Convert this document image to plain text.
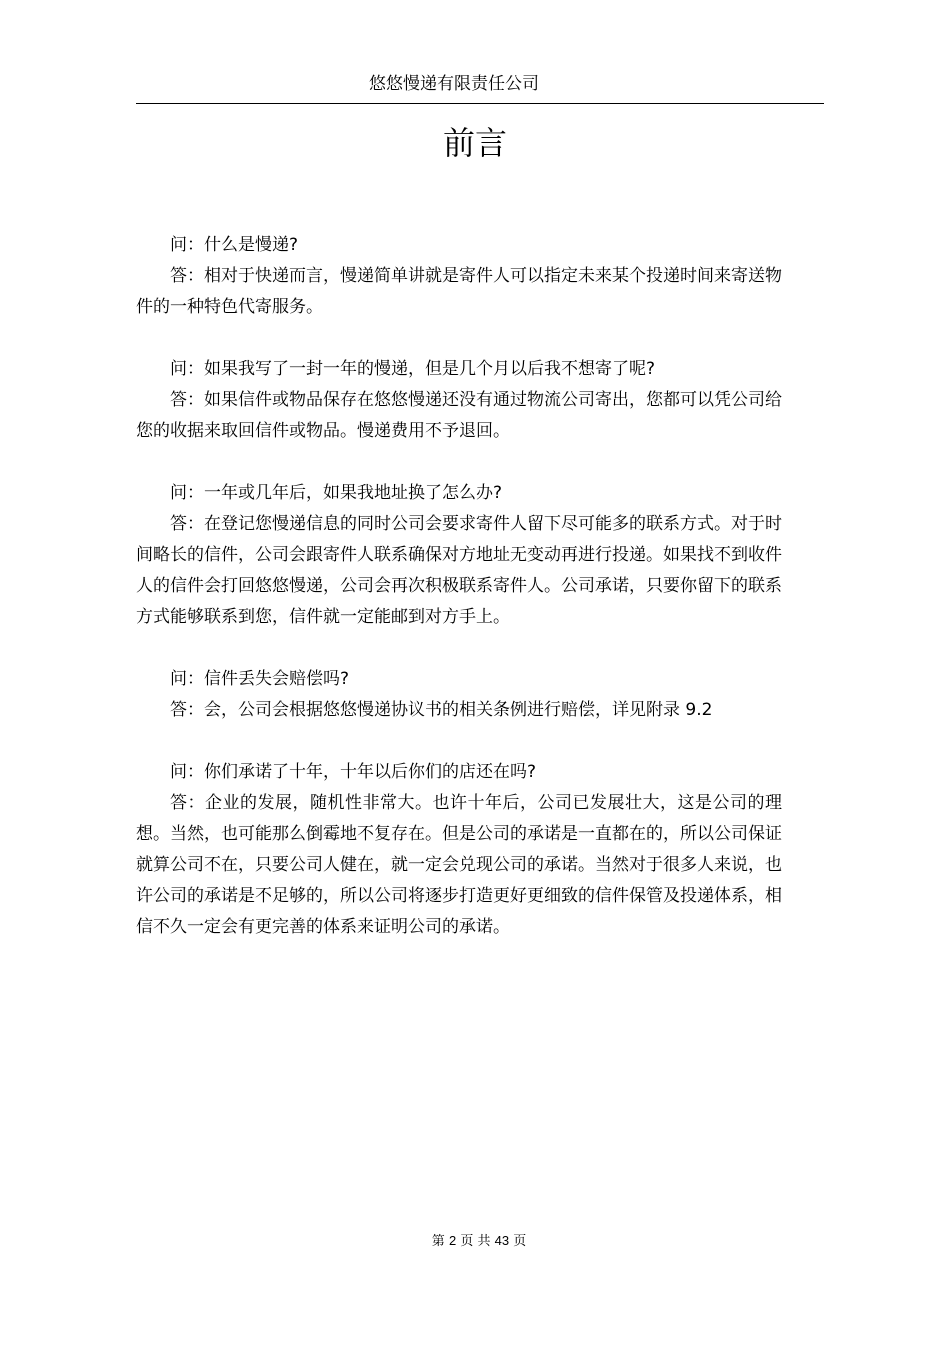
悠悠慢递有限责任公司
前言

问：什么是慢递?

答：相对于快递而言，慢递简单讲就是寄件人可以指定未来某个投递时间来寄送物件的一种特色代寄服务。

问：如果我写了一封一年的慢递，但是几个月以后我不想寄了呢?

答：如果信件或物品保存在悠悠慢递还没有通过物流公司寄出，您都可以凭公司给您的收据来取回信件或物品。慢递费用不予退回。

问：一年或几年后，如果我地址换了怎么办?

答：在登记您慢递信息的同时公司会要求寄件人留下尽可能多的联系方式。对于时间略长的信件，公司会跟寄件人联系确保对方地址无变动再进行投递。如果找不到收件人的信件会打回悠悠慢递，公司会再次积极联系寄件人。公司承诺，只要你留下的联系方式能够联系到您，信件就一定能邮到对方手上。

问：信件丢失会赔偿吗?

答：会，公司会根据悠悠慢递协议书的相关条例进行赔偿，详见附录 9.2

问：你们承诺了十年，十年以后你们的店还在吗?

答：企业的发展，随机性非常大。也许十年后，公司已发展壮大，这是公司的理想。当然，也可能那么倒霉地不复存在。但是公司的承诺是一直都在的，所以公司保证就算公司不在，只要公司人健在，就一定会兑现公司的承诺。当然对于很多人来说，也许公司的承诺是不足够的，所以公司将逐步打造更好更细致的信件保管及投递体系，相信不久一定会有更完善的体系来证明公司的承诺。

第 2 页 共 43 页
